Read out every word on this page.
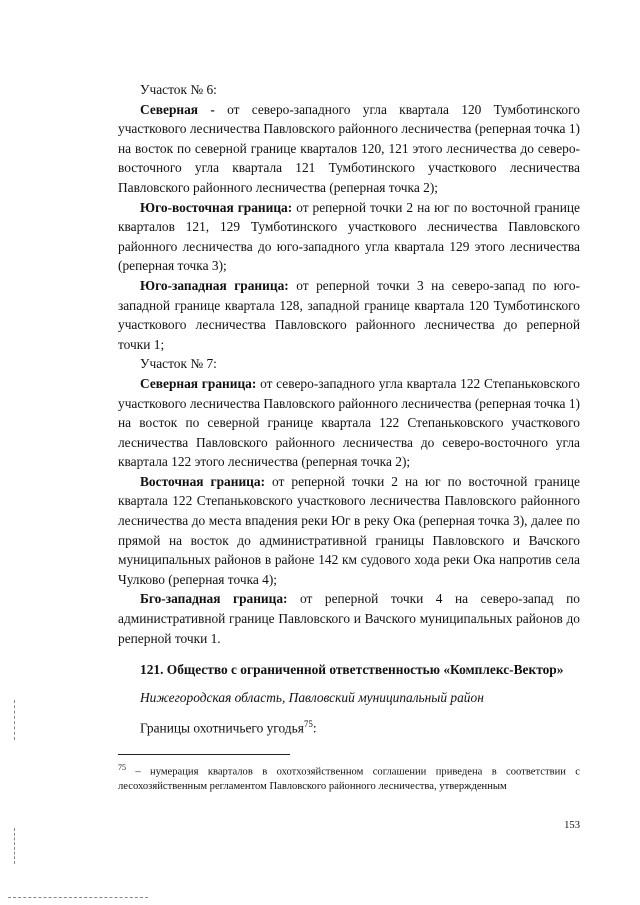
Участок № 6:

Северная - от северо-западного угла квартала 120 Тумботинского участкового лесничества Павловского районного лесничества (реперная точка 1) на восток по северной границе кварталов 120, 121 этого лесничества до северо-восточного угла квартала 121 Тумботинского участкового лесничества Павловского районного лесничества (реперная точка 2);

Юго-восточная граница: от реперной точки 2 на юг по восточной границе кварталов 121, 129 Тумботинского участкового лесничества Павловского районного лесничества до юго-западного угла квартала 129 этого лесничества (реперная точка 3);

Юго-западная граница: от реперной точки 3 на северо-запад по юго-западной границе квартала 128, западной границе квартала 120 Тумботинского участкового лесничества Павловского районного лесничества до реперной точки 1;

Участок № 7:

Северная граница: от северо-западного угла квартала 122 Степаньковского участкового лесничества Павловского районного лесничества (реперная точка 1) на восток по северной границе квартала 122 Степаньковского участкового лесничества Павловского районного лесничества до северо-восточного угла квартала 122 этого лесничества (реперная точка 2);

Восточная граница: от реперной точки 2 на юг по восточной границе квартала 122 Степаньковского участкового лесничества Павловского районного лесничества до места впадения реки Юг в реку Ока (реперная точка 3), далее по прямой на восток до административной границы Павловского и Вачского муниципальных районов в районе 142 км судового хода реки Ока напротив села Чулково (реперная точка 4);

Бго-западная граница: от реперной точки 4 на северо-запад по административной границе Павловского и Вачского муниципальных районов до реперной точки 1.

121. Общество с ограниченной ответственностью «Комплекс-Вектор»

Нижегородская область, Павловский муниципальный район

Границы охотничьего угодья$^{75}$:

$^{75}$ – нумерация кварталов в охотхозяйственном соглашении приведена в соответствии с лесохозяйственным регламентом Павловского районного лесничества, утвержденным

153
